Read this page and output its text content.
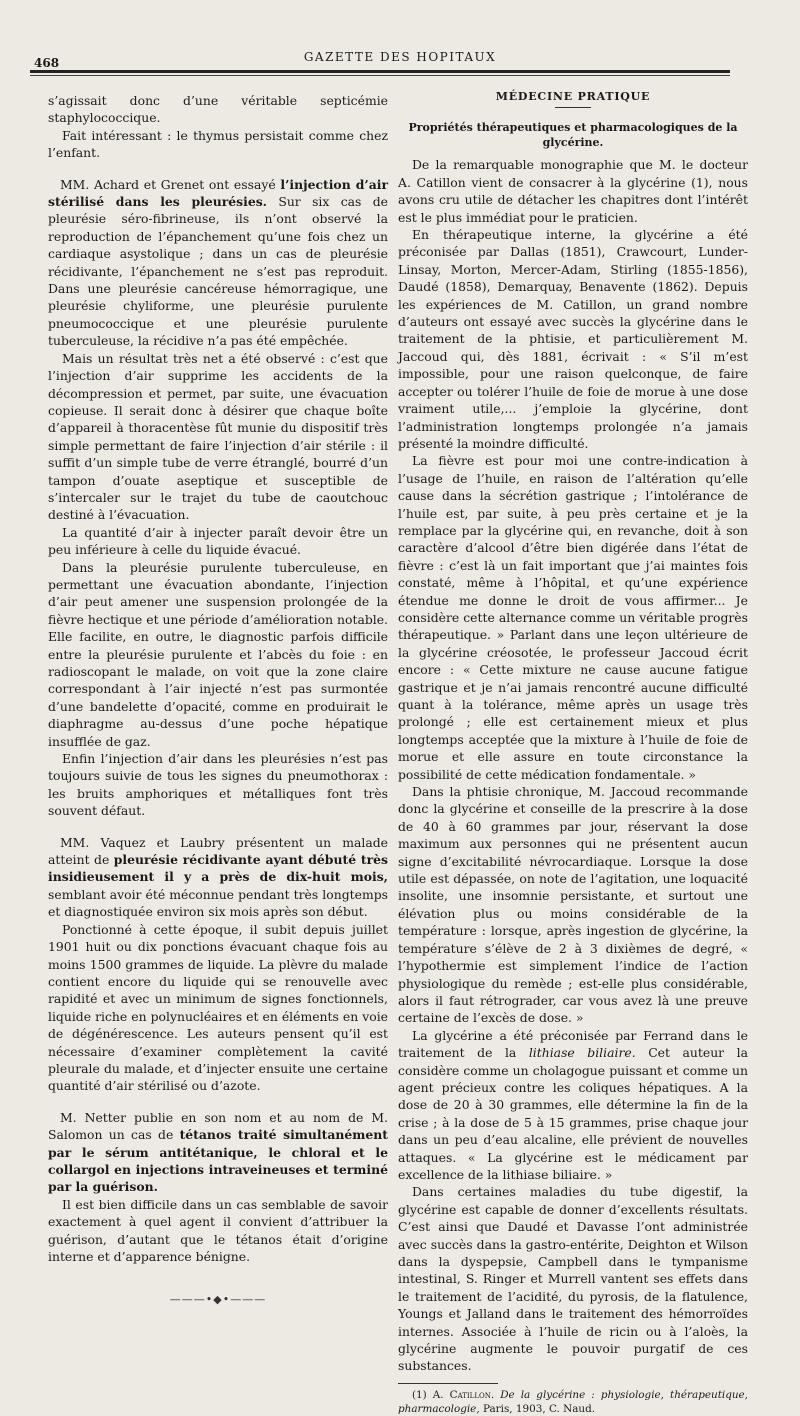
468	GAZETTE DES HOPITAUX

s’agissait donc d’une véritable septicémie staphylococcique.

Fait intéressant : le thymus persistait comme chez l’enfant.

MM. Achard et Grenet ont essayé l’injection d’air stérilisé dans les pleurésies. Sur six cas de pleurésie séro-fibrineuse, ils n’ont observé la reproduction de l’épanchement qu’une fois chez un cardiaque asystolique ; dans un cas de pleurésie récidivante, l’épanchement ne s’est pas reproduit. Dans une pleurésie cancéreuse hémorragique, une pleurésie chyliforme, une pleurésie purulente pneumococcique et une pleurésie purulente tuberculeuse, la récidive n’a pas été empêchée.

Mais un résultat très net a été observé : c’est que l’injection d’air supprime les accidents de la décompression et permet, par suite, une évacuation copieuse. Il serait donc à désirer que chaque boîte d’appareil à thoracentèse fût munie du dispositif très simple permettant de faire l’injection d’air stérile : il suffit d’un simple tube de verre étranglé, bourré d’un tampon d’ouate aseptique et susceptible de s’intercaler sur le trajet du tube de caoutchouc destiné à l’évacuation.

La quantité d’air à injecter paraît devoir être un peu inférieure à celle du liquide évacué.

Dans la pleurésie purulente tuberculeuse, en permettant une évacuation abondante, l’injection d’air peut amener une suspension prolongée de la fièvre hectique et une période d’amélioration notable. Elle facilite, en outre, le diagnostic parfois difficile entre la pleurésie purulente et l’abcès du foie : en radioscopant le malade, on voit que la zone claire correspondant à l’air injecté n’est pas surmontée d’une bandelette d’opacité, comme en produirait le diaphragme au-dessus d’une poche hépatique insufflée de gaz.

Enfin l’injection d’air dans les pleurésies n’est pas toujours suivie de tous les signes du pneumothorax : les bruits amphoriques et métalliques font très souvent défaut.

MM. Vaquez et Laubry présentent un malade atteint de pleurésie récidivante ayant débuté très insidieusement il y a près de dix-huit mois, semblant avoir été méconnue pendant très longtemps et diagnostiquée environ six mois après son début.

Ponctionné à cette époque, il subit depuis juillet 1901 huit ou dix ponctions évacuant chaque fois au moins 1500 grammes de liquide. La plèvre du malade contient encore du liquide qui se renouvelle avec rapidité et avec un minimum de signes fonctionnels, liquide riche en polynucléaires et en éléments en voie de dégénérescence. Les auteurs pensent qu’il est nécessaire d’examiner complètement la cavité pleurale du malade, et d’injecter ensuite une certaine quantité d’air stérilisé ou d’azote.

M. Netter publie en son nom et au nom de M. Salomon un cas de tétanos traité simultanément par le sérum antitétanique, le chloral et le collargol en injections intraveineuses et terminé par la guérison.

Il est bien difficile dans un cas semblable de savoir exactement à quel agent il convient d’attribuer la guérison, d’autant que le tétanos était d’origine interne et d’apparence bénigne.

———•◆•———
MÉDECINE PRATIQUE
Propriétés thérapeutiques et pharmacologiques de la glycérine.

De la remarquable monographie que M. le docteur A. Catillon vient de consacrer à la glycérine (1), nous avons cru utile de détacher les chapitres dont l’intérêt est le plus immédiat pour le praticien.

En thérapeutique interne, la glycérine a été préconisée par Dallas (1851), Crawcourt, Lunder-Linsay, Morton, Mercer-Adam, Stirling (1855-1856), Daudé (1858), Demarquay, Benavente (1862). Depuis les expériences de M. Catillon, un grand nombre d’auteurs ont essayé avec succès la glycérine dans le traitement de la phtisie, et particulièrement M. Jaccoud qui, dès 1881, écrivait : « S’il m’est impossible, pour une raison quelconque, de faire accepter ou tolérer l’huile de foie de morue à une dose vraiment utile,... j’emploie la glycérine, dont l’administration longtemps prolongée n’a jamais présenté la moindre difficulté.

La fièvre est pour moi une contre-indication à l’usage de l’huile, en raison de l’altération qu’elle cause dans la sécrétion gastrique ; l’intolérance de l’huile est, par suite, à peu près certaine et je la remplace par la glycérine qui, en revanche, doit à son caractère d’alcool d’être bien digérée dans l’état de fièvre : c’est là un fait important que j’ai maintes fois constaté, même à l’hôpital, et qu’une expérience étendue me donne le droit de vous affirmer... Je considère cette alternance comme un véritable progrès thérapeutique. » Parlant dans une leçon ultérieure de la glycérine créosotée, le professeur Jaccoud écrit encore : « Cette mixture ne cause aucune fatigue gastrique et je n’ai jamais rencontré aucune difficulté quant à la tolérance, même après un usage très prolongé ; elle est certainement mieux et plus longtemps acceptée que la mixture à l’huile de foie de morue et elle assure en toute circonstance la possibilité de cette médication fondamentale. »

Dans la phtisie chronique, M. Jaccoud recommande donc la glycérine et conseille de la prescrire à la dose de 40 à 60 grammes par jour, réservant la dose maximum aux personnes qui ne présentent aucun signe d’excitabilité névrocardiaque. Lorsque la dose utile est dépassée, on note de l’agitation, une loquacité insolite, une insomnie persistante, et surtout une élévation plus ou moins considérable de la température : lorsque, après ingestion de glycérine, la température s’élève de 2 à 3 dixièmes de degré, « l’hypothermie est simplement l’indice de l’action physiologique du remède ; est-elle plus considérable, alors il faut rétrograder, car vous avez là une preuve certaine de l’excès de dose. »

La glycérine a été préconisée par Ferrand dans le traitement de la lithiase biliaire. Cet auteur la considère comme un cholagogue puissant et comme un agent précieux contre les coliques hépatiques. A la dose de 20 à 30 grammes, elle détermine la fin de la crise ; à la dose de 5 à 15 grammes, prise chaque jour dans un peu d’eau alcaline, elle prévient de nouvelles attaques. « La glycérine est le médicament par excellence de la lithiase biliaire. »

Dans certaines maladies du tube digestif, la glycérine est capable de donner d’excellents résultats. C’est ainsi que Daudé et Davasse l’ont administrée avec succès dans la gastro-entérite, Deighton et Wilson dans la dyspepsie, Campbell dans le tympanisme intestinal, S. Ringer et Murrell vantent ses effets dans le traitement de l’acidité, du pyrosis, de la flatulence, Youngs et Jalland dans le traitement des hémorroïdes internes. Associée à l’huile de ricin ou à l’aloès, la glycérine augmente le pouvoir purgatif de ces substances.

(1) A. Catillon. De la glycérine : physiologie, thérapeutique, pharmacologie, Paris, 1903, C. Naud.
